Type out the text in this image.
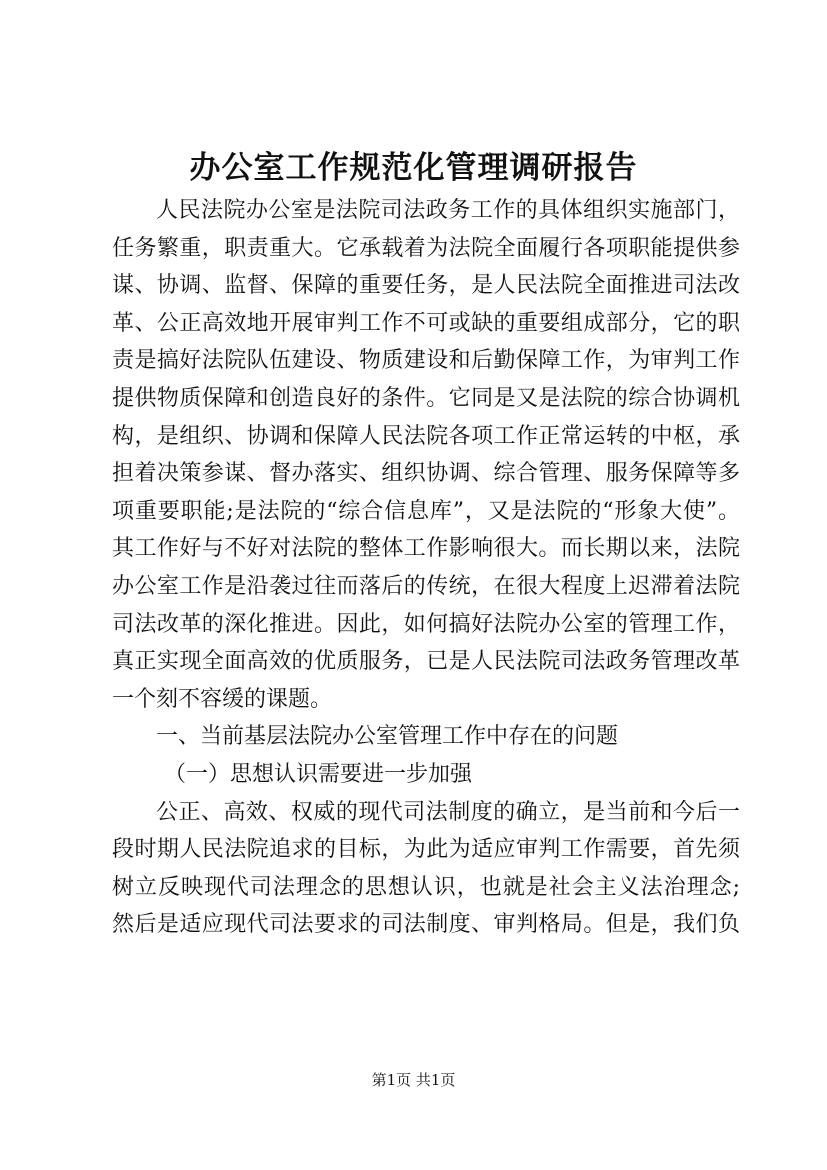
办公室工作规范化管理调研报告
人民法院办公室是法院司法政务工作的具体组织实施部门，
任务繁重，职责重大。它承载着为法院全面履行各项职能提供参
谋、协调、监督、保障的重要任务，是人民法院全面推进司法改
革、公正高效地开展审判工作不可或缺的重要组成部分，它的职
责是搞好法院队伍建设、物质建设和后勤保障工作，为审判工作
提供物质保障和创造良好的条件。它同是又是法院的综合协调机
构，是组织、协调和保障人民法院各项工作正常运转的中枢，承
担着决策参谋、督办落实、组织协调、综合管理、服务保障等多
项重要职能;是法院的“综合信息库”，又是法院的“形象大使”。
其工作好与不好对法院的整体工作影响很大。而长期以来，法院
办公室工作是沿袭过往而落后的传统，在很大程度上迟滞着法院
司法改革的深化推进。因此，如何搞好法院办公室的管理工作，
真正实现全面高效的优质服务，已是人民法院司法政务管理改革
一个刻不容缓的课题。
一、当前基层法院办公室管理工作中存在的问题
（一）思想认识需要进一步加强
公正、高效、权威的现代司法制度的确立，是当前和今后一
段时期人民法院追求的目标，为此为适应审判工作需要，首先须
树立反映现代司法理念的思想认识，也就是社会主义法治理念;
然后是适应现代司法要求的司法制度、审判格局。但是，我们负
第1页 共1页
